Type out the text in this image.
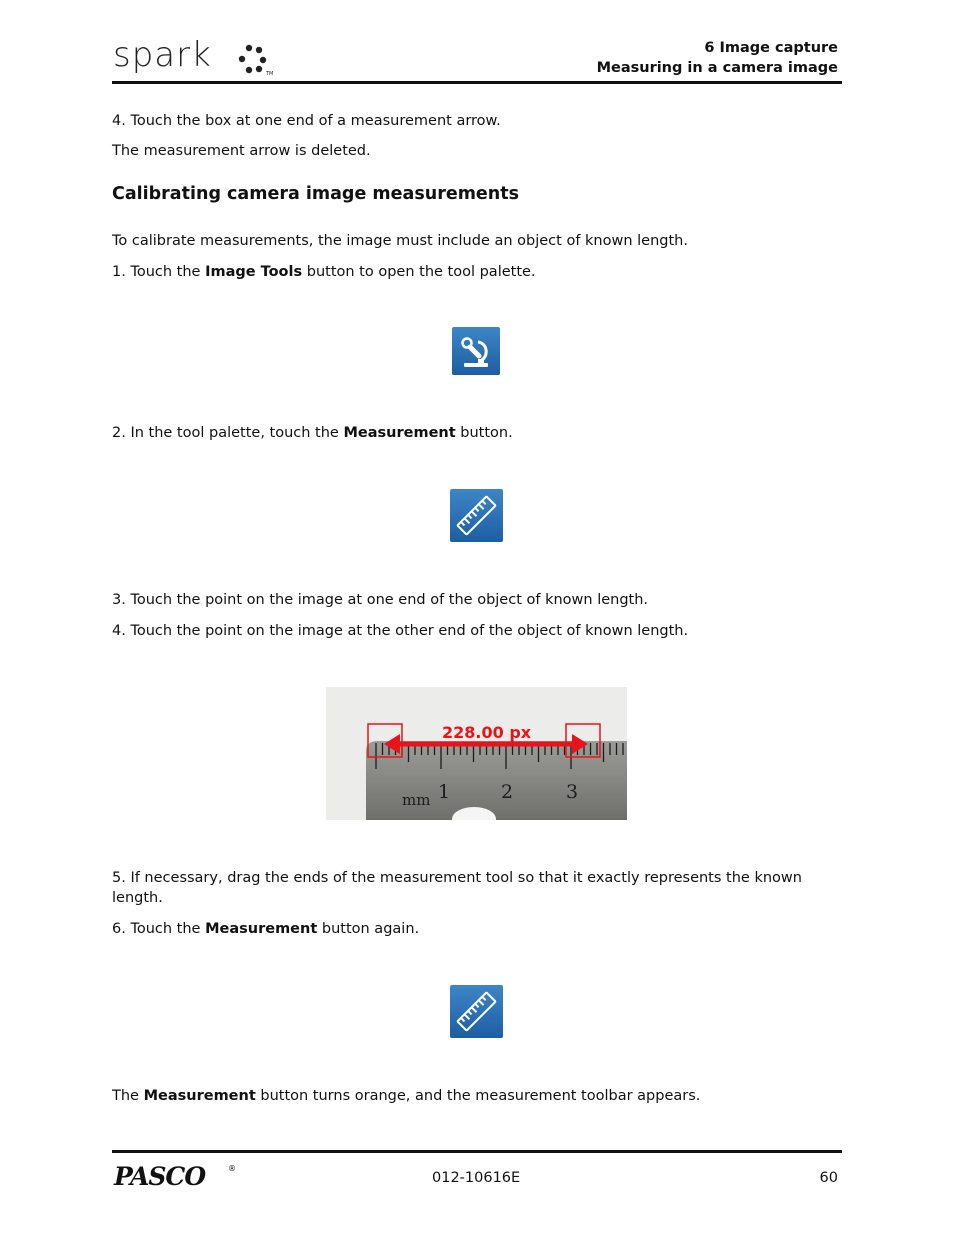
spark	TM
6 Image capture
Measuring in a camera image

4. Touch the box at one end of a measurement arrow.

The measurement arrow is deleted.

Calibrating camera image measurements

To calibrate measurements, the image must include an object of known length.

1. Touch the Image Tools button to open the tool palette.

2. In the tool palette, touch the Measurement button.

3. Touch the point on the image at one end of the object of known length.

4. Touch the point on the image at the other end of the object of known length.

mm 1	2	3
228.00 px

5. If necessary, drag the ends of the measurement tool so that it exactly represents the known length.

6. Touch the Measurement button again.

The Measurement button turns orange, and the measurement toolbar appears.

PASCO	®
012-10616E	60
